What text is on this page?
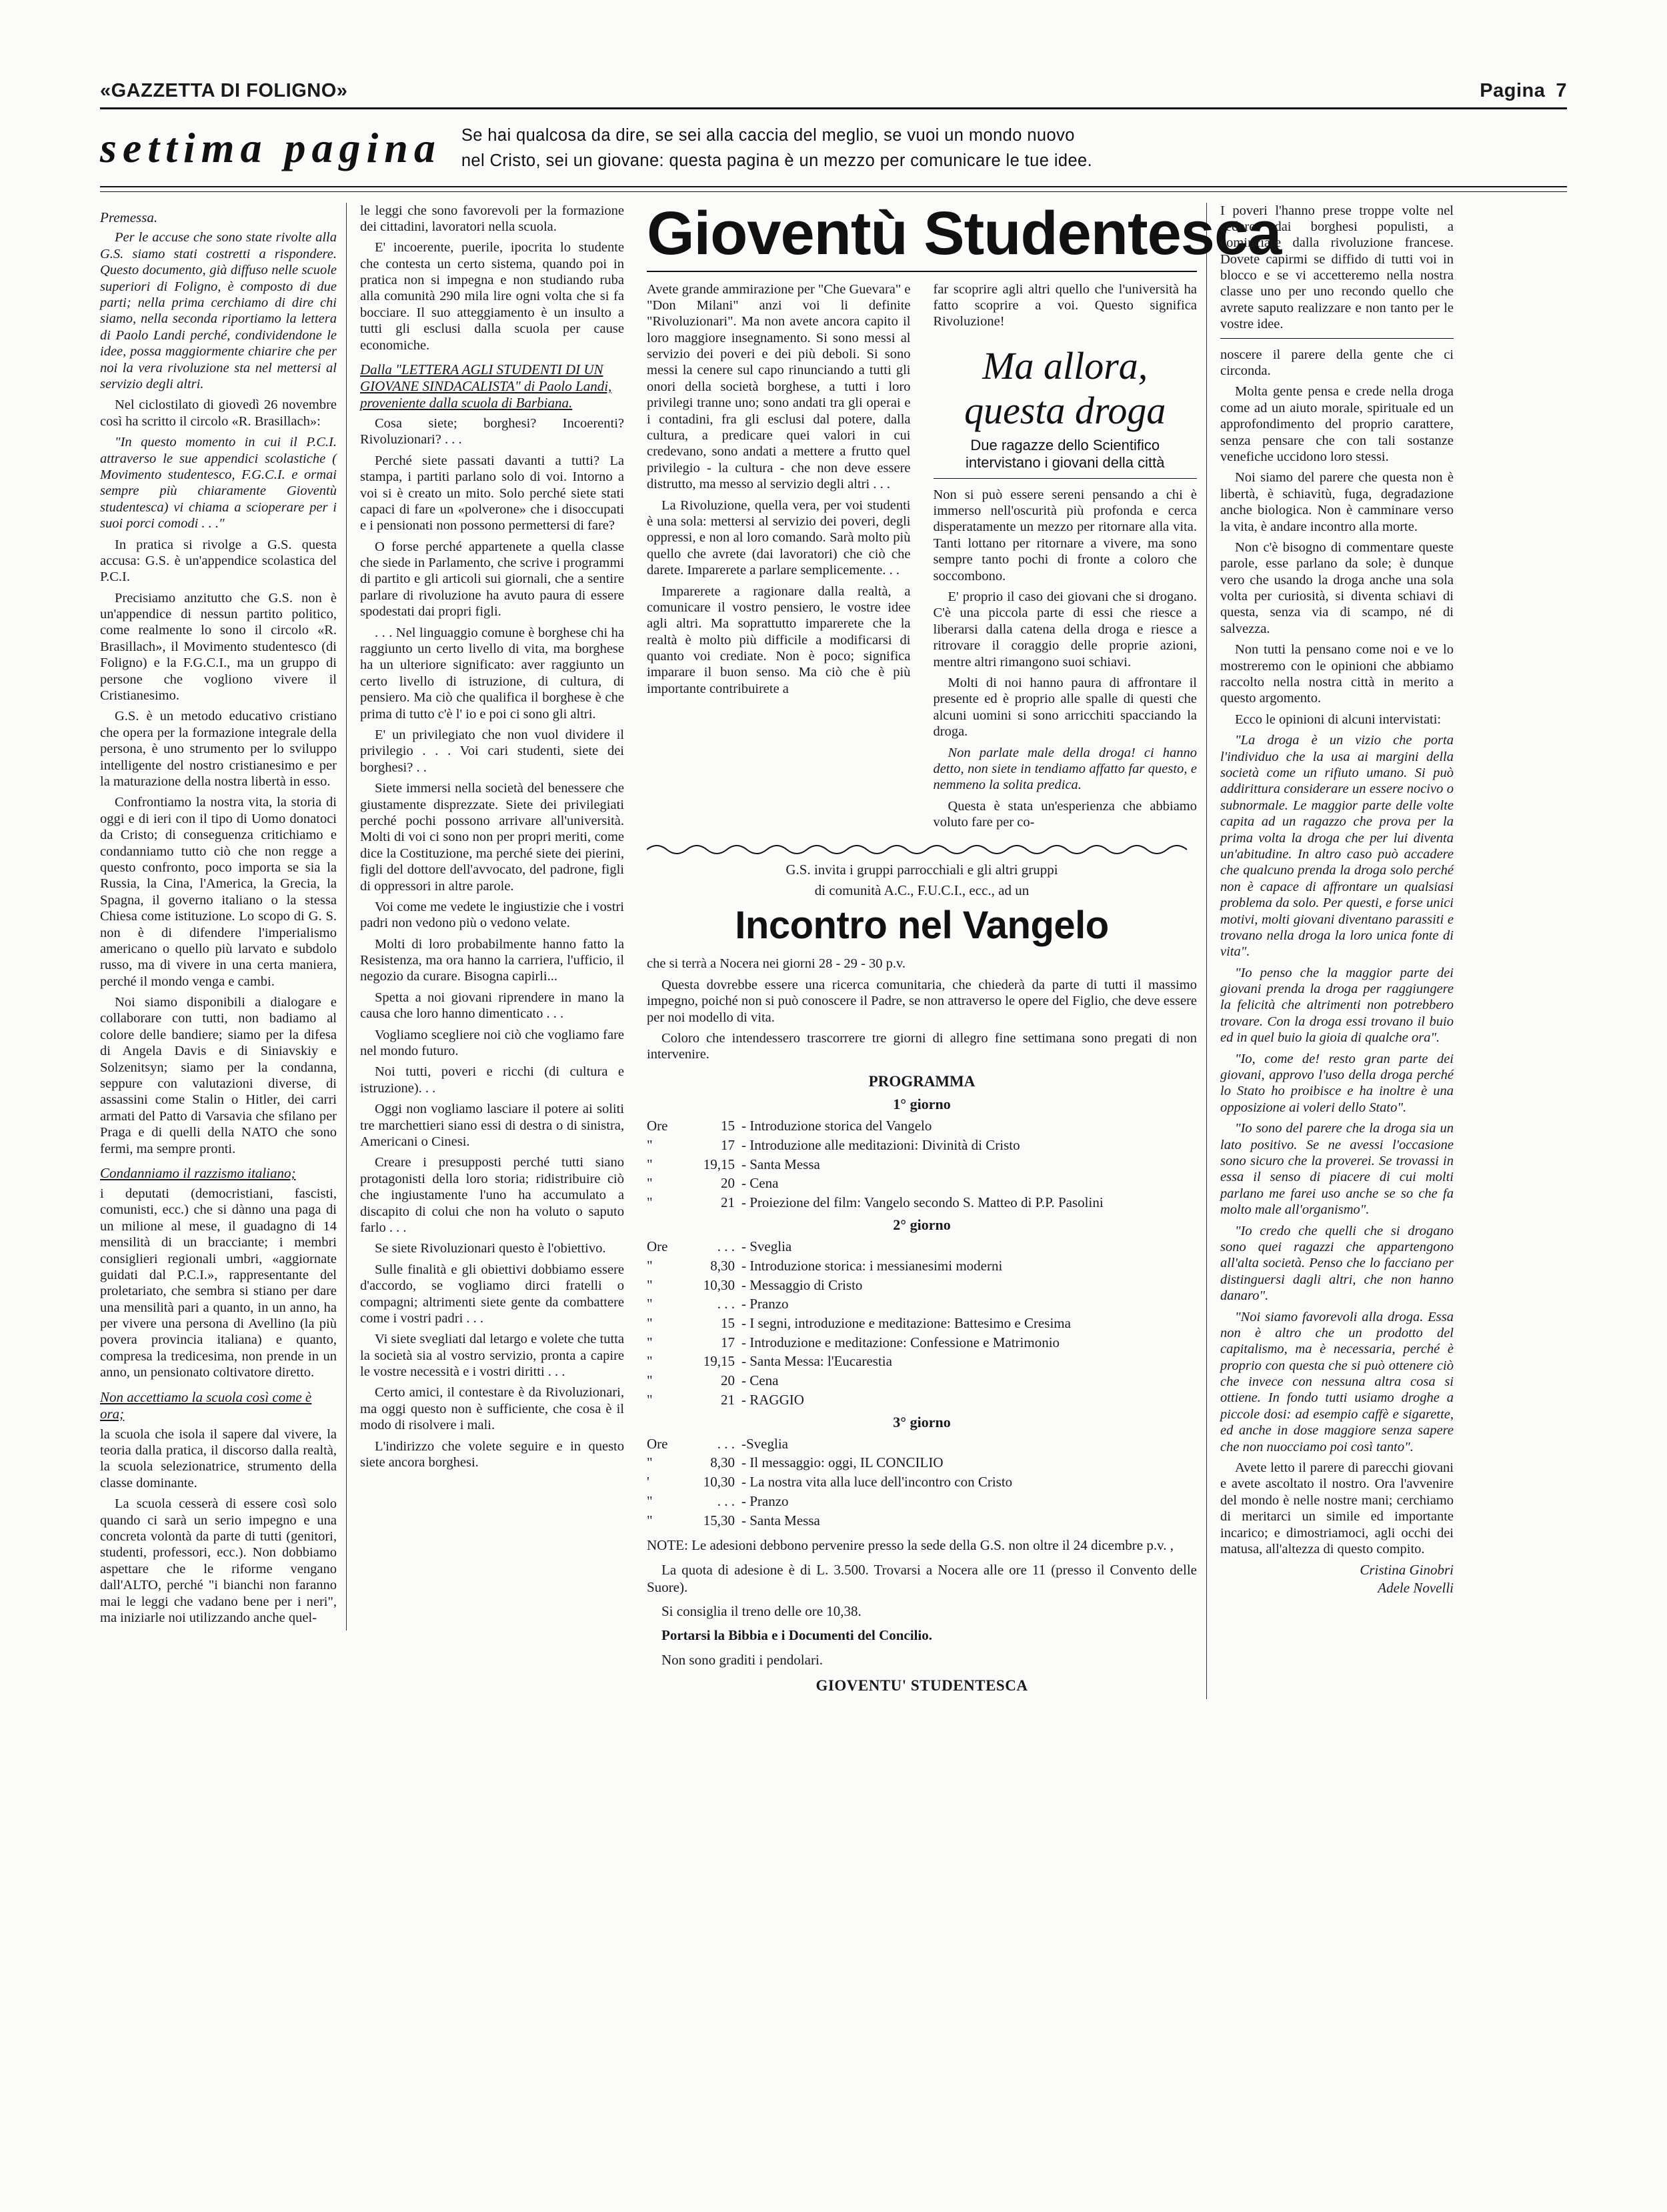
«GAZZETTA DI FOLIGNO»	Pagina 7
settima pagina Se hai qualcosa da dire, se sei alla caccia del meglio, se vuoi un mondo nuovo
nel Cristo, sei un giovane: questa pagina è un mezzo per comunicare le tue idee.

Premessa.

Per le accuse che sono state rivolte alla G.S. siamo stati costretti a rispondere. Questo documento, già diffuso nelle scuole superiori di Foligno, è composto di due parti; nella prima cerchiamo di dire chi siamo, nella seconda riportiamo la lettera di Paolo Landi perché, condividendone le idee, possa maggiormente chiarire che per noi la vera rivoluzione sta nel mettersi al servizio degli altri.

Nel ciclostilato di giovedì 26 novembre così ha scritto il circolo «R. Brasillach»:

"In questo momento in cui il P.C.I. attraverso le sue appendici scolastiche ( Movimento studentesco, F.G.C.I. e ormai sempre più chiaramente Gioventù studentesca) vi chiama a scioperare per i suoi porci comodi . . ."

In pratica si rivolge a G.S. questa accusa: G.S. è un'appendice scolastica del P.C.I.

Precisiamo anzitutto che G.S. non è un'appendice di nessun partito politico, come realmente lo sono il circolo «R. Brasillach», il Movimento studentesco (di Foligno) e la F.G.C.I., ma un gruppo di persone che vogliono vivere il Cristianesimo.

G.S. è un metodo educativo cristiano che opera per la formazione integrale della persona, è uno strumento per lo sviluppo intelligente del nostro cristianesimo e per la maturazione della nostra libertà in esso.

Confrontiamo la nostra vita, la storia di oggi e di ieri con il tipo di Uomo donatoci da Cristo; di conseguenza critichiamo e condanniamo tutto ciò che non regge a questo confronto, poco importa se sia la Russia, la Cina, l'America, la Grecia, la Spagna, il governo italiano o la stessa Chiesa come istituzione. Lo scopo di G. S. non è di difendere l'imperialismo americano o quello più larvato e subdolo russo, ma di vivere in una certa maniera, perché il mondo venga e cambi.

Noi siamo disponibili a dialogare e collaborare con tutti, non badiamo al colore delle bandiere; siamo per la difesa di Angela Davis e di Siniavskiy e Solzenitsyn; siamo per la condanna, seppure con valutazioni diverse, di assassini come Stalin o Hitler, dei carri armati del Patto di Varsavia che sfilano per Praga e di quelli della NATO che sono fermi, ma sempre pronti.

Condanniamo il razzismo italiano;

i deputati (democristiani, fascisti, comunisti, ecc.) che si dànno una paga di un milione al mese, il guadagno di 14 mensilità di un bracciante; i membri consiglieri regionali umbri, «aggiornate guidati dal P.C.I.», rappresentante del proletariato, che sembra si stiano per dare una mensilità pari a quanto, in un anno, ha per vivere una persona di Avellino (la più povera provincia italiana) e quanto, compresa la tredicesima, non prende in un anno, un pensionato coltivatore diretto.

Non accettiamo la scuola così come è ora;

la scuola che isola il sapere dal vivere, la teoria dalla pratica, il discorso dalla realtà, la scuola selezionatrice, strumento della classe dominante.

La scuola cesserà di essere così solo quando ci sarà un serio impegno e una concreta volontà da parte di tutti (genitori, studenti, professori, ecc.). Non dobbiamo aspettare che le riforme vengano dall'ALTO, perché "i bianchi non faranno mai le leggi che vadano bene per i neri", ma iniziarle noi utilizzando anche quel-

le leggi che sono favorevoli per la formazione dei cittadini, lavoratori nella scuola.

E' incoerente, puerile, ipocrita lo studente che contesta un certo sistema, quando poi in pratica non si impegna e non studiando ruba alla comunità 290 mila lire ogni volta che si fa bocciare. Il suo atteggiamento è un insulto a tutti gli esclusi dalla scuola per cause economiche.

Dalla "LETTERA AGLI STUDENTI DI UN GIOVANE SINDACALISTA" di Paolo Landi, proveniente dalla scuola di Barbiana.

Cosa siete; borghesi? Incoerenti? Rivoluzionari? . . .

Perché siete passati davanti a tutti? La stampa, i partiti parlano solo di voi. Intorno a voi si è creato un mito. Solo perché siete stati capaci di fare un «polverone» che i disoccupati e i pensionati non possono permettersi di fare?

O forse perché appartenete a quella classe che siede in Parlamento, che scrive i programmi di partito e gli articoli sui giornali, che a sentire parlare di rivoluzione ha avuto paura di essere spodestati dai propri figli.

. . . Nel linguaggio comune è borghese chi ha raggiunto un certo livello di vita, ma borghese ha un ulteriore significato: aver raggiunto un certo livello di istruzione, di cultura, di pensiero. Ma ciò che qualifica il borghese è che prima di tutto c'è l' io e poi ci sono gli altri.

E' un privilegiato che non vuol dividere il privilegio . . . Voi cari studenti, siete dei borghesi? . .

Siete immersi nella società del benessere che giustamente disprezzate. Siete dei privilegiati perché pochi possono arrivare all'università. Molti di voi ci sono non per propri meriti, come dice la Costituzione, ma perché siete dei pierini, figli del dottore dell'avvocato, del padrone, figli di oppressori in altre parole.

Voi come me vedete le ingiustizie che i vostri padri non vedono più o vedono velate.

Molti di loro probabilmente hanno fatto la Resistenza, ma ora hanno la carriera, l'ufficio, il negozio da curare. Bisogna capirli...

Spetta a noi giovani riprendere in mano la causa che loro hanno dimenticato . . .

Vogliamo scegliere noi ciò che vogliamo fare nel mondo futuro.

Noi tutti, poveri e ricchi (di cultura e istruzione). . .

Oggi non vogliamo lasciare il potere ai soliti tre marchettieri siano essi di destra o di sinistra, Americani o Cinesi.

Creare i presupposti perché tutti siano protagonisti della loro storia; ridistribuire ciò che ingiustamente l'uno ha accumulato a discapito di colui che non ha voluto o saputo farlo . . .

Se siete Rivoluzionari questo è l'obiettivo.

Sulle finalità e gli obiettivi dobbiamo essere d'accordo, se vogliamo dirci fratelli o compagni; altrimenti siete gente da combattere come i vostri padri . . .

Vi siete svegliati dal letargo e volete che tutta la società sia al vostro servizio, pronta a capire le vostre necessità e i vostri diritti . . .

Certo amici, il contestare è da Rivoluzionari, ma oggi questo non è sufficiente, che cosa è il modo di risolvere i mali.

L'indirizzo che volete seguire e in questo siete ancora borghesi.

Gioventù Studentesca

Avete grande ammirazione per "Che Guevara" e "Don Milani" anzi voi li definite "Rivoluzionari". Ma non avete ancora capito il loro maggiore insegnamento. Si sono messi al servizio dei poveri e dei più deboli. Si sono messi la cenere sul capo rinunciando a tutti gli onori della società borghese, a tutti i loro privilegi tranne uno; sono andati tra gli operai e i contadini, fra gli esclusi dal potere, dalla cultura, a predicare quei valori in cui credevano, sono andati a mettere a frutto quel privilegio - la cultura - che non deve essere distrutto, ma messo al servizio degli altri . . .

La Rivoluzione, quella vera, per voi studenti è una sola: mettersi al servizio dei poveri, degli oppressi, e non al loro comando. Sarà molto più quello che avrete (dai lavoratori) che ciò che darete. Imparerete a parlare semplicemente. . .

Imparerete a ragionare dalla realtà, a comunicare il vostro pensiero, le vostre idee agli altri. Ma soprattutto imparerete che la realtà è molto più difficile a modificarsi di quanto voi crediate. Non è poco; significa imparare il buon senso. Ma ciò che è più importante contribuirete a

far scoprire agli altri quello che l'università ha fatto scoprire a voi. Questo significa Rivoluzione!

Ma allora, questa droga
Due ragazze dello Scientifico intervistano i giovani della città

Non si può essere sereni pensando a chi è immerso nell'oscurità più profonda e cerca disperatamente un mezzo per ritornare alla vita. Tanti lottano per ritornare a vivere, ma sono sempre tanto pochi di fronte a coloro che soccombono.

E' proprio il caso dei giovani che si drogano. C'è una piccola parte di essi che riesce a liberarsi dalla catena della droga e riesce a ritrovare il coraggio delle proprie azioni, mentre altri rimangono suoi schiavi.

Molti di noi hanno paura di affrontare il presente ed è proprio alle spalle di questi che alcuni uomini si sono arricchiti spacciando la droga.

Non parlate male della droga! ci hanno detto, non siete in tendiamo affatto far questo, e nemmeno la solita predica.

Questa è stata un'esperienza che abbiamo voluto fare per co-

G.S. invita i gruppi parrocchiali e gli altri gruppi

di comunità A.C., F.U.C.I., ecc., ad un

Incontro nel Vangelo

che si terrà a Nocera nei giorni 28 - 29 - 30 p.v.

Questa dovrebbe essere una ricerca comunitaria, che chiederà da parte di tutti il massimo impegno, poiché non si può conoscere il Padre, se non attraverso le opere del Figlio, che deve essere per noi modello di vita.

Coloro che intendessero trascorrere tre giorni di allegro fine settimana sono pregati di non intervenire.

PROGRAMMA

1° giorno

Ore	15 - Introduzione storica del Vangelo
"	17 - Introduzione alle meditazioni: Divinità di Cristo
"	19,15 - Santa Messa
"	20 - Cena
"	21 - Proiezione del film: Vangelo secondo S. Matteo di P.P. Pasolini

2° giorno

Ore	. . . - Sveglia
"	8,30 - Introduzione storica: i messianesimi moderni
"	10,30 - Messaggio di Cristo
"	. . . - Pranzo
"	15 - I segni, introduzione e meditazione: Battesimo e Cresima
"	17 - Introduzione e meditazione: Confessione e Matrimonio
"	19,15 - Santa Messa: l'Eucarestia
"	20 - Cena
"	21 - RAGGIO

3° giorno

Ore	. . . -Sveglia
"	8,30 - Il messaggio: oggi, IL CONCILIO
'	10,30 - La nostra vita alla luce dell'incontro con Cristo
"	. . . - Pranzo
"	15,30 - Santa Messa

NOTE: Le adesioni debbono pervenire presso la sede della G.S. non oltre il 24 dicembre p.v. ,

La quota di adesione è di L. 3.500. Trovarsi a Nocera alle ore 11 (presso il Convento delle Suore).

Si consiglia il treno delle ore 10,38.

Portarsi la Bibbia e i Documenti del Concilio.

Non sono graditi i pendolari.

GIOVENTU' STUDENTESCA

I poveri l'hanno prese troppe volte nel sedere dai borghesi populisti, a cominciare dalla rivoluzione francese. Dovete capirmi se diffido di tutti voi in blocco e se vi accetteremo nella nostra classe uno per uno recondo quello che avrete saputo realizzare e non tanto per le vostre idee.

noscere il parere della gente che ci circonda.

Molta gente pensa e crede nella droga come ad un aiuto morale, spirituale ed un approfondimento del proprio carattere, senza pensare che con tali sostanze venefiche uccidono loro stessi.

Noi siamo del parere che questa non è libertà, è schiavitù, fuga, degradazione anche biologica. Non è camminare verso la vita, è andare incontro alla morte.

Non c'è bisogno di commentare queste parole, esse parlano da sole; è dunque vero che usando la droga anche una sola volta per curiosità, si diventa schiavi di questa, senza via di scampo, né di salvezza.

Non tutti la pensano come noi e ve lo mostreremo con le opinioni che abbiamo raccolto nella nostra città in merito a questo argomento.

Ecco le opinioni di alcuni intervistati:

"La droga è un vizio che porta l'individuo che la usa ai margini della società come un rifiuto umano. Si può addirittura considerare un essere nocivo o subnormale. Le maggior parte delle volte capita ad un ragazzo che prova per la prima volta la droga che per lui diventa un'abitudine. In altro caso può accadere che qualcuno prenda la droga solo perché non è capace di affrontare un qualsiasi problema da solo. Per questi, e forse unici motivi, molti giovani diventano parassiti e trovano nella droga la loro unica fonte di vita".

"Io penso che la maggior parte dei giovani prenda la droga per raggiungere la felicità che altrimenti non potrebbero trovare. Con la droga essi trovano il buio ed in quel buio la gioia di qualche ora".

"Io, come de! resto gran parte dei giovani, approvo l'uso della droga perché lo Stato ho proibisce e ha inoltre è una opposizione ai voleri dello Stato".

"Io sono del parere che la droga sia un lato positivo. Se ne avessi l'occasione sono sicuro che la proverei. Se trovassi in essa il senso di piacere di cui molti parlano me farei uso anche se so che fa molto male all'organismo".

"Io credo che quelli che si drogano sono quei ragazzi che appartengono all'alta società. Penso che lo facciano per distinguersi dagli altri, che non hanno danaro".

"Noi siamo favorevoli alla droga. Essa non è altro che un prodotto del capitalismo, ma è necessaria, perché è proprio con questa che si può ottenere ciò che invece con nessuna altra cosa si ottiene. In fondo tutti usiamo droghe a piccole dosi: ad esempio caffè e sigarette, ed anche in dose maggiore senza sapere che non nuocciamo poi così tanto".

Avete letto il parere di parecchi giovani e avete ascoltato il nostro. Ora l'avvenire del mondo è nelle nostre mani; cerchiamo di meritarci un simile ed importante incarico; e dimostriamoci, agli occhi dei matusa, all'altezza di questo compito.

Cristina Ginobri

Adele Novelli
